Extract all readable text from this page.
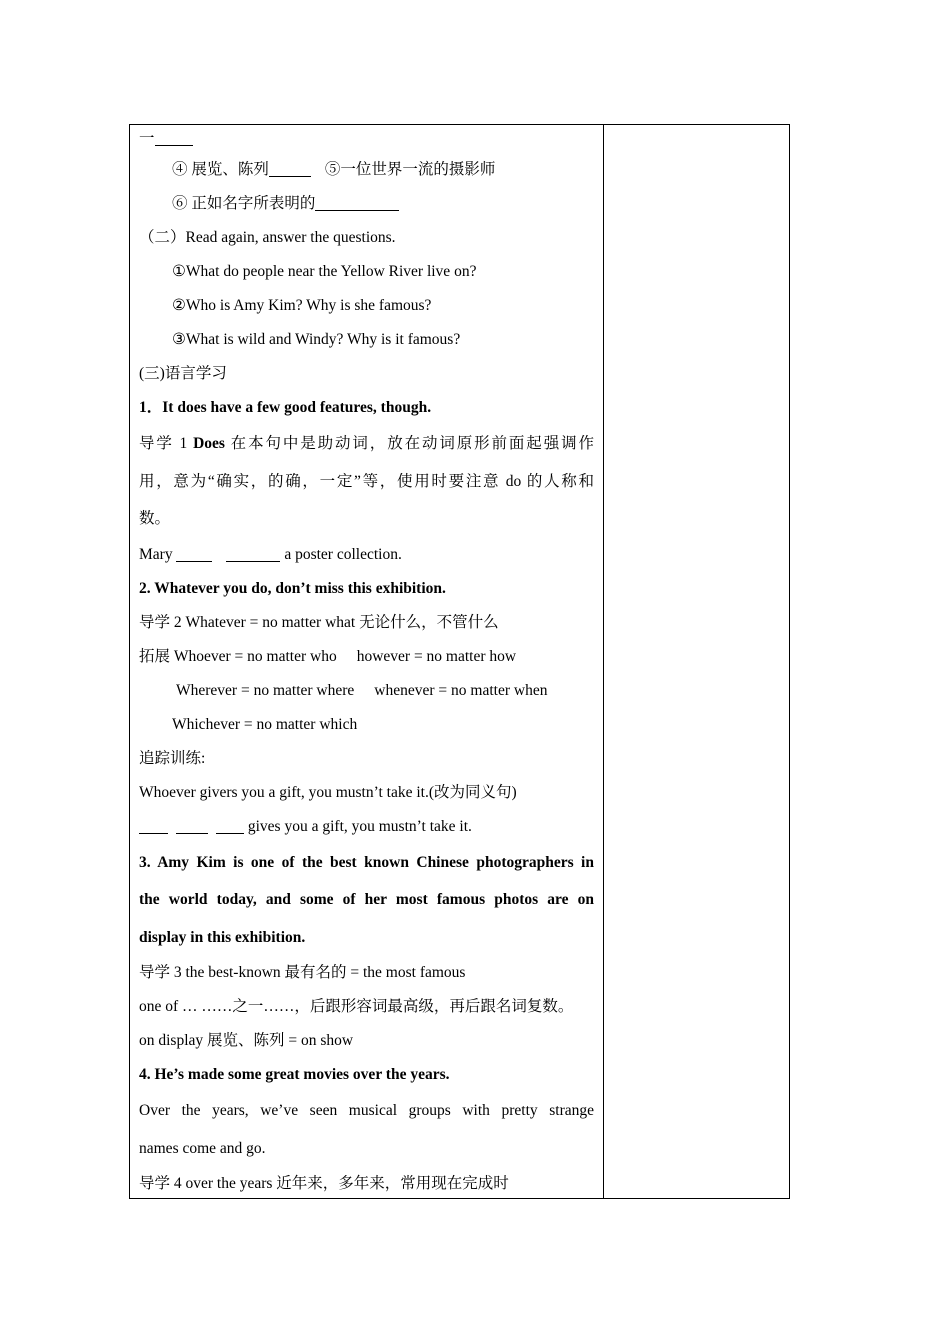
一
④ 展览、陈列	⑤一位世界一流的摄影师
⑥ 正如名字所表明的
（二）Read again, answer the questions.
①What do people near the Yellow River live on?
②Who is Amy Kim? Why is she famous?
③What is wild and Windy? Why is it famous?
(三)语言学习
1．It does have a few good features, though.
导学 1 Does 在本句中是助动词，放在动词原形前面起强调作
用，意为“确实，的确，一定”等，使用时要注意 do 的人称和
数。
Mary	a poster collection.
2. Whatever you do, don’t miss this exhibition.
导学 2 Whatever = no matter what 无论什么，不管什么
拓展 Whoever = no matter who however = no matter how
Wherever = no matter where whenever = no matter when
Whichever = no matter which
追踪训练:
Whoever givers you a gift, you mustn’t take it.(改为同义句)
gives you a gift, you mustn’t take it.
3. Amy Kim is one of the best known Chinese photographers in
the world today, and some of her most famous photos are on
display in this exhibition.
导学 3 the best-known 最有名的 = the most famous
one of … ……之一……，后跟形容词最高级，再后跟名词复数。
on display 展览、陈列 = on show
4. He’s made some great movies over the years.
Over the years, we’ve seen musical groups with pretty strange
names come and go.
导学 4 over the years 近年来，多年来，常用现在完成时
